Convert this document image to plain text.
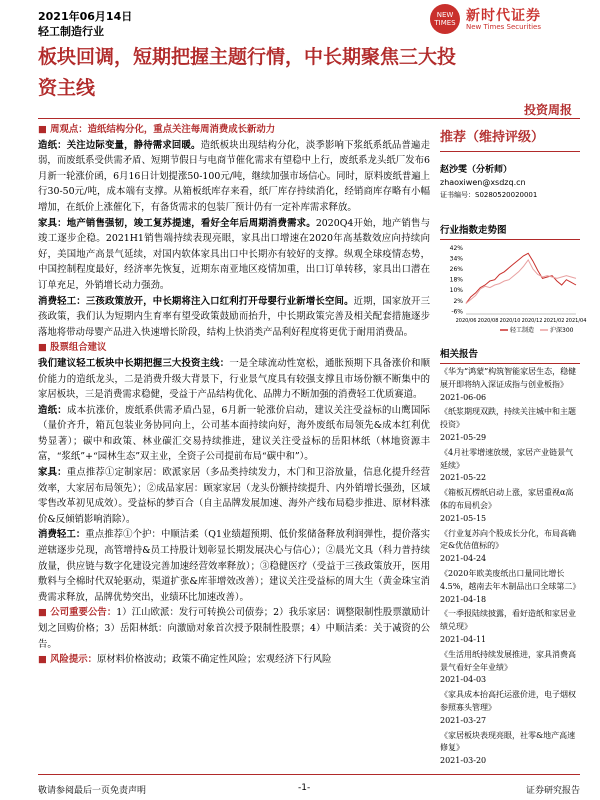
2021年06月14日
轻工制造行业
NEW TIMES 新时代证券
New Times Securities
板块回调，短期把握主题行情，中长期聚焦三大投资主线
投资周报

■ 周观点：造纸结构分化，重点关注每周消费成长新动力

造纸：关注边际变量，静待需求回暖。造纸板块出现结构分化，淡季影响下浆纸系纸品普遍走弱，而废纸系受供需矛盾、短期节假日与电商节催化需求有望稳中上行，废纸系龙头纸厂发布6月新一轮涨价函，6月16日计划提涨50-100元/吨，继续加强市场信心。同时，原料废纸普遍上行30-50元/吨，成本端有支撑。从箱板纸库存来看，纸厂库存持续消化，经销商库存略有小幅增加，在纸价上涨催化下，有备货需求的包装厂预计仍有一定补库需求释放。

家具：地产销售强韧，竣工复苏提速，看好全年后周期消费需求。2020Q4开始，地产销售与竣工逐步企稳。2021H1销售端持续表现亮眼，家具出口增速在2020年高基数效应向持续向好，美国地产高景气延续，对国内软体家具出口中长期亦有较好的支撑。纵观全球疫情态势，中国控制程度最好，经济率先恢复，近期东南亚地区疫情加重，出口订单转移，家具出口潜在订单充足，外销增长动力强劲。

消费轻工：三孩政策放开，中长期将注入口红利打开母婴行业新增长空间。近期，国家放开三孩政策，我们认为短期内生育率有望受政策鼓励而抬升，中长期政策完善及相关配套措施逐步落地将带动母婴产品进入快速增长阶段，结构上快消类产品利好程度将更优于耐用消费品。

■ 股票组合建议

我们建议轻工板块中长期把握三大投资主线：一是全球流动性宽松，通胀预期下具备涨价和顺价能力的造纸龙头，二是消费升级大背景下，行业景气度具有较强支撑且市场份额不断集中的家居板块，三是消费需求稳健，受益于产品结构优化、品牌力不断加强的消费轻工优质赛道。

造纸：成本抗涨价，废纸系供需矛盾凸显，6月新一轮涨价启动，建议关注受益标的山鹰国际（量价齐升，箱瓦包装业务协同向上，公司基本面持续向好，海外废纸布局领先&成本红利优势显著）；碳中和政策、林业碳汇交易持续推进，建议关注受益标的岳阳林纸（林地资源丰富，“浆纸”+“园林生态”双主业，全资子公司提前布局“碳中和”）。

家具：重点推荐①定制家居：欧派家居（多品类持续发力，木门和卫浴放量，信息化提升经营效率，大家居布局领先）；②成品家居：顾家家居（龙头份额持续提升、内外销增长强劲，区域零售改革初见成效）。受益标的梦百合（自主品牌发展加速、海外产线布局稳步推进、原材料涨价&反倾销影响消除）。

消费轻工：重点推荐①个护：中顺洁柔（Q1业绩超预期、低价浆储备释放利润弹性，提价落实逆辖逐步兑现，高管增持&员工持股计划彰显长期发展决心与信心）；②晨光文具（科力普持续放量，供应链与数字化建设完善加速经营效率释放）；③稳健医疗（受益于三孩政策放开，医用敷料与全棉时代双轮驱动，渠道扩张&库菲增效改善）；建议关注受益标的周大生（黄金珠宝消费需求释放，品牌优势突出，业绩环比加速改善）。

■ 公司重要公告：1）江山欧派：发行可转换公司债券；2）我乐家居：调整限制性股票激励计划之回购价格；3）岳阳林纸：向激励对象首次授予限制性股票；4）中顺洁柔：关于减资的公告。

■ 风险提示：原材料价格波动；政策不确定性风险；宏观经济下行风险

推荐（维持评级）
赵沙雯（分析师）
zhaoxiwen@xsdzq.cn
证书编号：S0280520020001
行业指数走势图
42%
34%
26%
18%
10%
2%
-6%
2020/06 2020/08 2020/10 2020/12 2021/02 2021/04
轻工制造	沪深300
相关报告
《华为“鸿蒙”构筑智能家居生态，稳健展开即将纳入深证成指与创业板指》
2021-06-06
《纸浆期现双跌，持续关注城中和主题投资》
2021-05-29
《4月社零增速放缓，家居产业链景气延续》
2021-05-22
《箱板瓦楞纸启动上涨，家居重视α高体的布局机会》
2021-05-15
《行业复苏向个股成长分化，布局高确定&优估值标的》
2021-04-24
《2020年欧美废纸出口量同比增长4.5%，越南去年木制品出口全球第二》
2021-04-18
《一季报陆续披露，看好造纸和家居业绩兑现》
2021-04-11
《生活用纸持续发展推进，家具消费高景气看好全年业绩》
2021-04-03
《家具成本抬高托运涨价进，电子烟权参照寡头管理》
2021-03-27
《家居板块表现亮眼，社零&地产高速修复》
2021-03-20
敬请参阅最后一页免责声明	-1-	证券研究报告
